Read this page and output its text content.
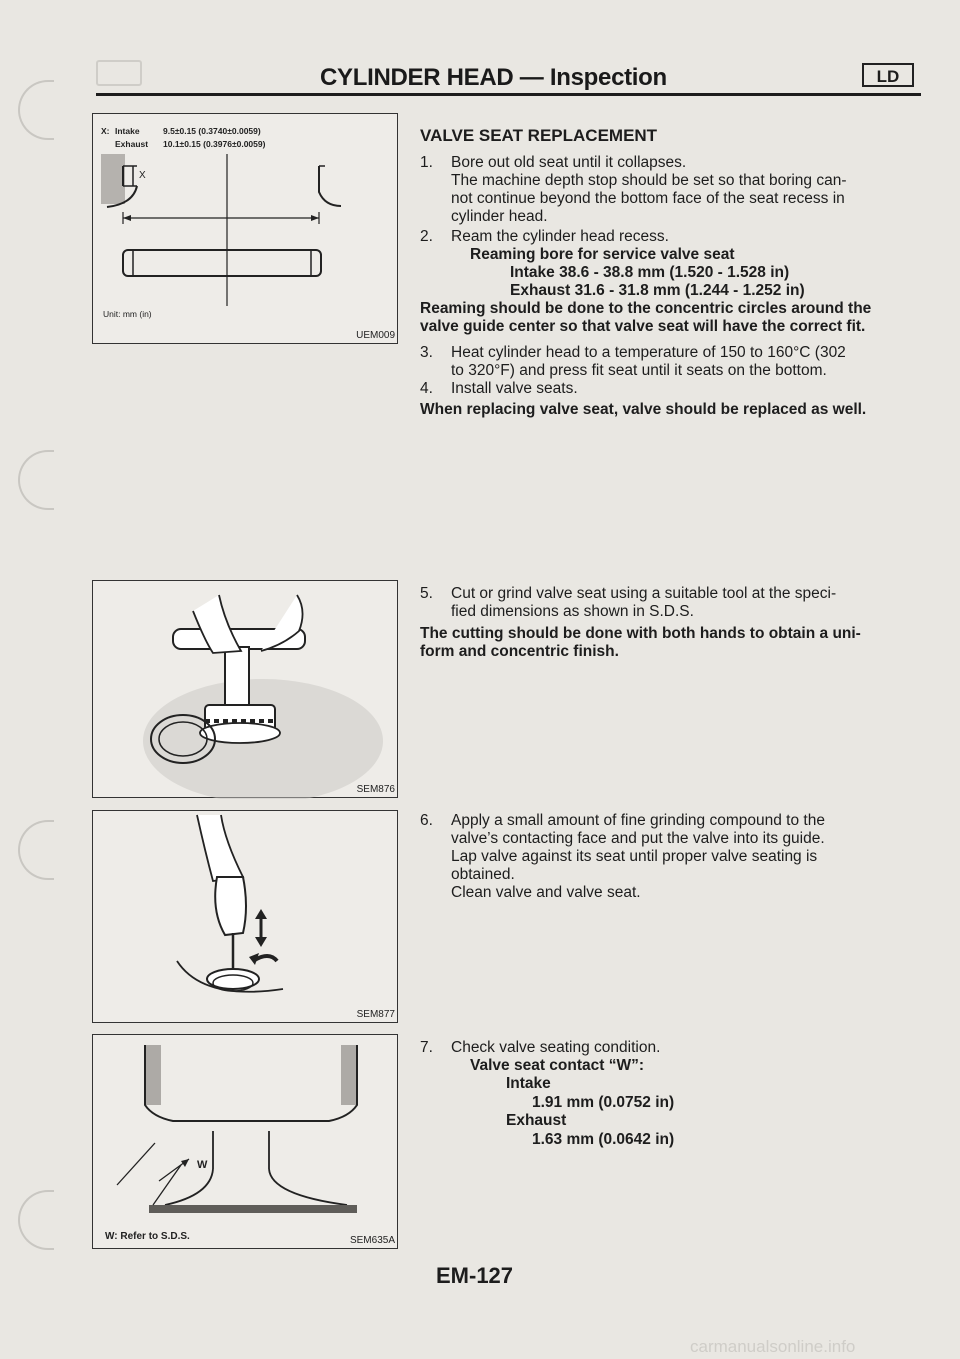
CYLINDER HEAD — Inspection	LD
X: Intake	9.5±0.15 (0.3740±0.0059)
Exhaust 10.1±0.15 (0.3976±0.0059)
X
Unit: mm (in)
UEM009
SEM876
SEM877
W
W: Refer to S.D.S.	SEM635A
VALVE SEAT REPLACEMENT
1. Bore out old seat until it collapses.
The machine depth stop should be set so that boring can-
not continue beyond the bottom face of the seat recess in
cylinder head.
2. Ream the cylinder head recess.
Reaming bore for service valve seat
Intake 38.6 - 38.8 mm (1.520 - 1.528 in)
Exhaust 31.6 - 31.8 mm (1.244 - 1.252 in)
Reaming should be done to the concentric circles around the
valve guide center so that valve seat will have the correct fit.
3. Heat cylinder head to a temperature of 150 to 160°C (302
to 320°F) and press fit seat until it seats on the bottom.
4. Install valve seats.
When replacing valve seat, valve should be replaced as well.
5. Cut or grind valve seat using a suitable tool at the speci-
fied dimensions as shown in S.D.S.
The cutting should be done with both hands to obtain a uni-
form and concentric finish.
6. Apply a small amount of fine grinding compound to the
valve’s contacting face and put the valve into its guide.
Lap valve against its seat until proper valve seating is
obtained.
Clean valve and valve seat.
7. Check valve seating condition.
Valve seat contact “W”:
Intake
1.91 mm (0.0752 in)
Exhaust
1.63 mm (0.0642 in)
EM-127
carmanualsonline.info
